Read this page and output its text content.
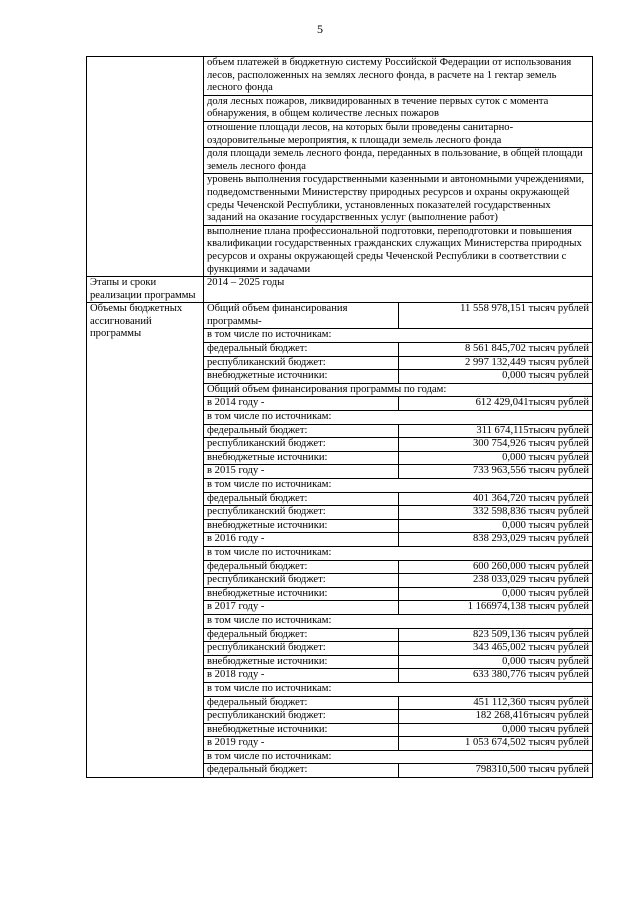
5
	объем платежей в бюджетную систему Российской Федерации от использования лесов, расположенных на землях лесного фонда, в расчете на 1 гектар земель лесного фонда	
	доля лесных пожаров, ликвидированных в течение первых суток с момента обнаружения, в общем количестве лесных пожаров	
	отношение площади лесов, на которых были проведены санитарно-оздоровительные мероприятия, к площади земель лесного фонда	
	доля площади земель лесного фонда, переданных в пользование, в общей площади земель лесного фонда	
	уровень выполнения государственными казенными и автономными учреждениями, подведомственными Министерству природных ресурсов и охраны окружающей среды Чеченской Республики, установленных показателей государственных заданий на оказание государственных услуг (выполнение работ)	
	выполнение плана профессиональной подготовки, переподготовки и повышения квалификации государственных гражданских служащих Министерства природных ресурсов и охраны окружающей среды Чеченской Республики в соответствии с функциями и задачами	
Этапы и сроки реализации программы	2014 – 2025 годы	
Объемы бюджетных ассигнований программы	Общий объем финансирования программы-	11 558 978,151 тысяч рублей
	в том числе по источникам:	
	федеральный бюджет:	8 561 845,702 тысяч рублей
	республиканский бюджет:	2 997 132,449 тысяч рублей
	внебюджетные источники:	0,000 тысяч рублей
	Общий объем финансирования программы по годам:	
	в 2014 году -	612 429,041тысяч рублей
	в том числе по источникам:	
	федеральный бюджет:	311 674,115тысяч рублей
	республиканский бюджет:	300 754,926 тысяч рублей
	внебюджетные источники:	0,000 тысяч рублей
	в 2015 году -	733 963,556 тысяч рублей
	в том числе по источникам:	
	федеральный бюджет:	401 364,720 тысяч рублей
	республиканский бюджет:	332 598,836 тысяч рублей
	внебюджетные источники:	0,000 тысяч рублей
	в 2016 году -	838 293,029 тысяч рублей
	в том числе по источникам:	
	федеральный бюджет:	600 260,000 тысяч рублей
	республиканский бюджет:	238 033,029 тысяч рублей
	внебюджетные источники:	0,000 тысяч рублей
	в 2017 году -	1 166974,138 тысяч рублей
	в том числе по источникам:	
	федеральный бюджет:	823 509,136 тысяч рублей
	республиканский бюджет:	343 465,002 тысяч рублей
	внебюджетные источники:	0,000 тысяч рублей
	в 2018 году -	633 380,776 тысяч рублей
	в том числе по источникам:	
	федеральный бюджет:	451 112,360 тысяч рублей
	республиканский бюджет:	182 268,416тысяч рублей
	внебюджетные источники:	0,000 тысяч рублей
	в 2019 году -	1 053 674,502 тысяч рублей
	в том числе по источникам:	
	федеральный бюджет:	798310,500 тысяч рублей
